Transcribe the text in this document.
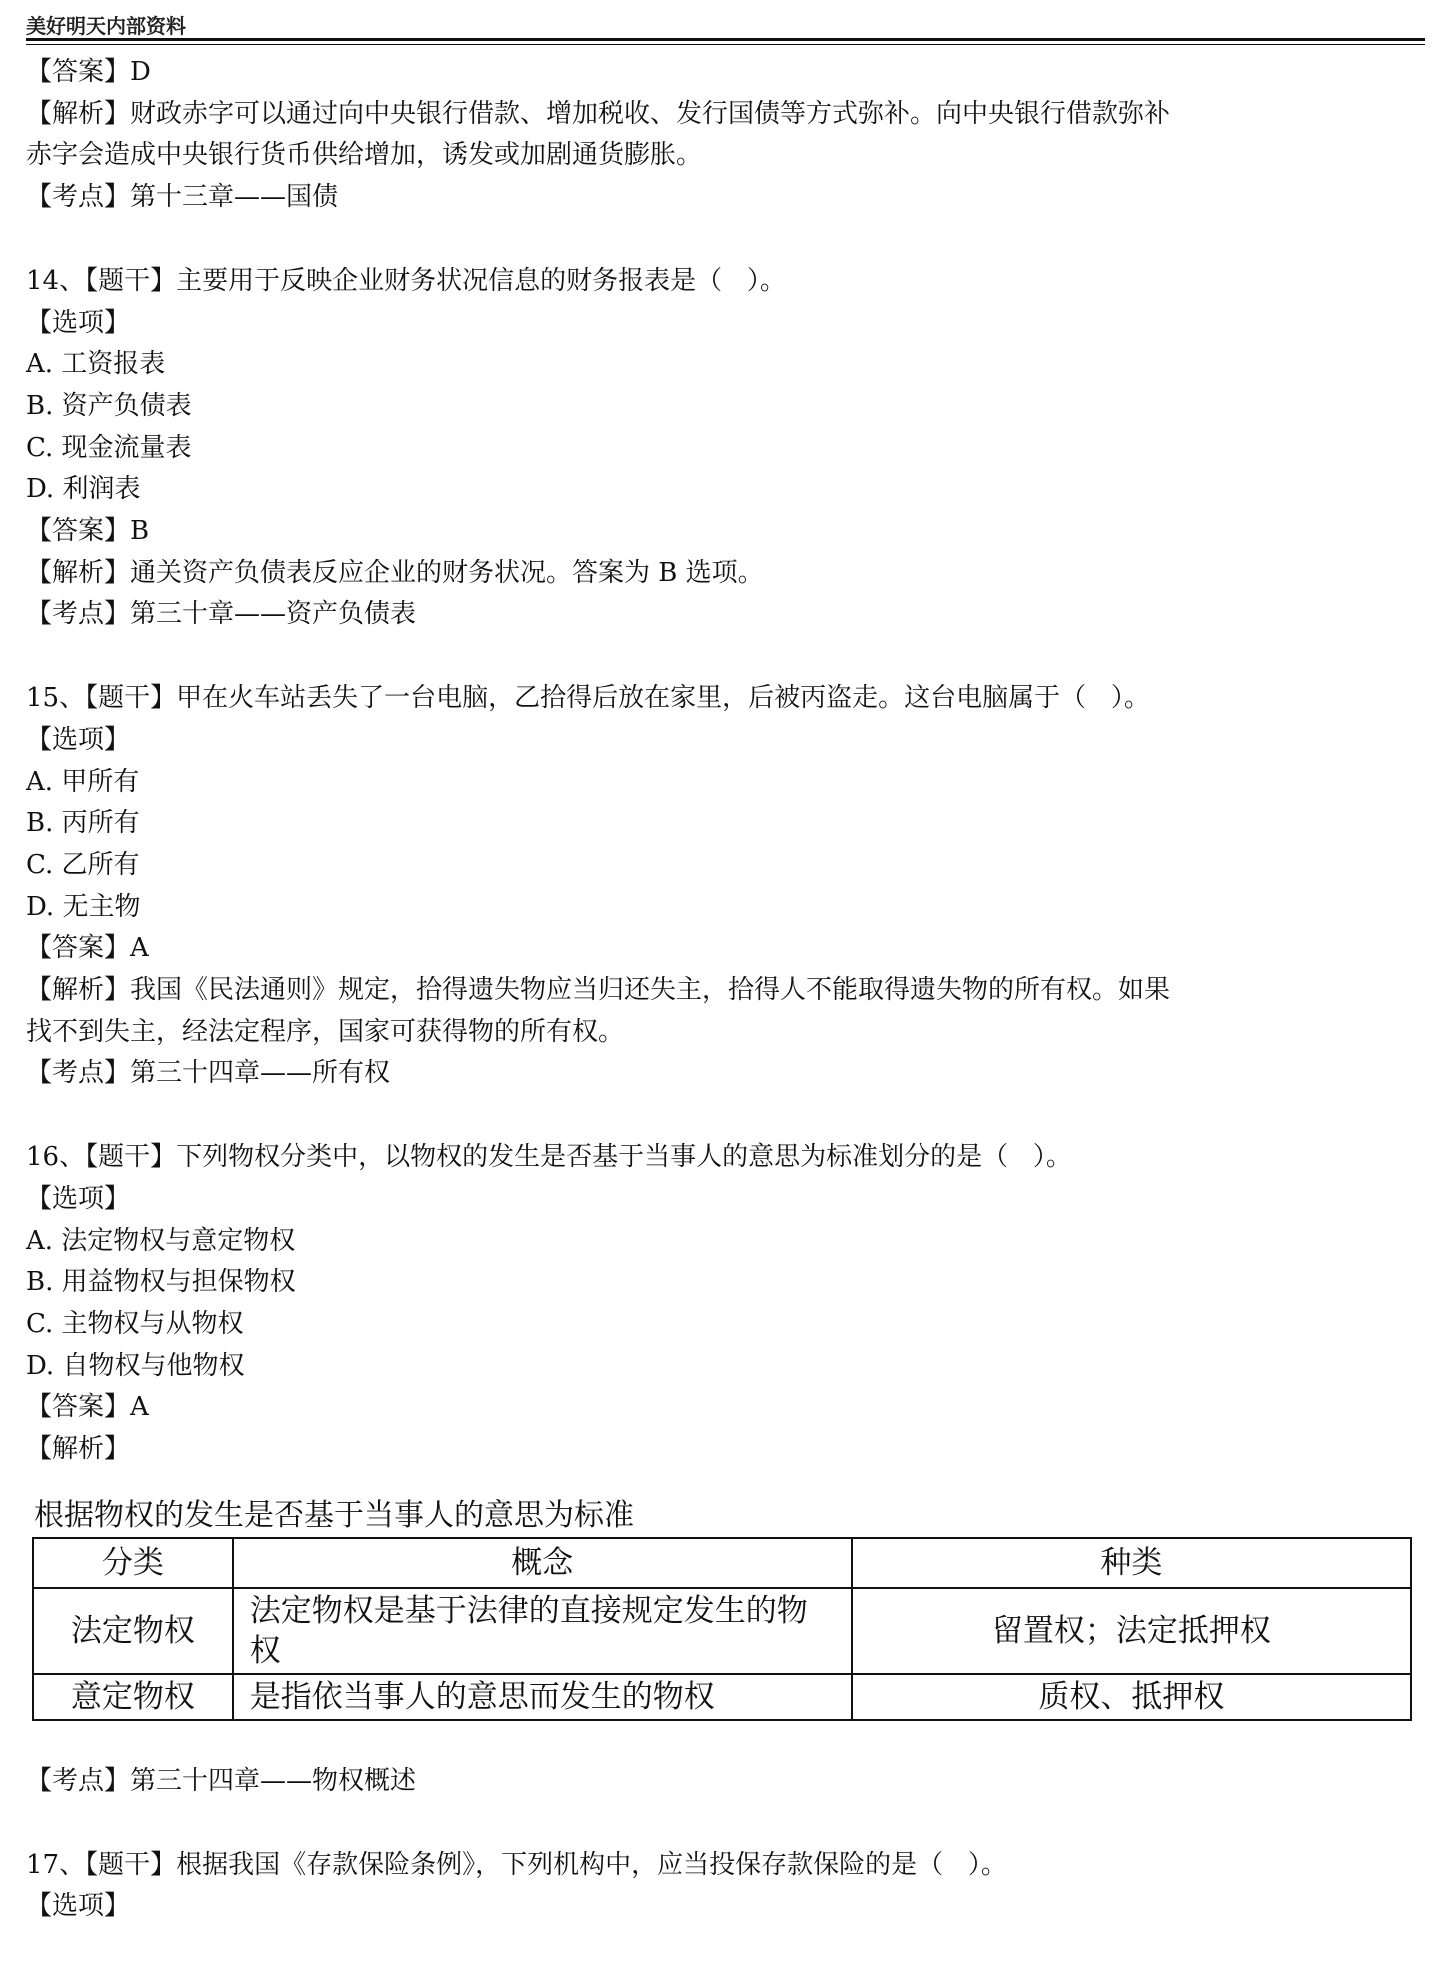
美好明天内部资料
【答案】D
【解析】财政赤字可以通过向中央银行借款、增加税收、发行国债等方式弥补。向中央银行借款弥补
赤字会造成中央银行货币供给增加，诱发或加剧通货膨胀。
【考点】第十三章——国债
14、【题干】主要用于反映企业财务状况信息的财务报表是（   ）。
【选项】
A. 工资报表
B. 资产负债表
C. 现金流量表
D. 利润表
【答案】B
【解析】通关资产负债表反应企业的财务状况。答案为 B 选项。
【考点】第三十章——资产负债表
15、【题干】甲在火车站丢失了一台电脑，乙拾得后放在家里，后被丙盗走。这台电脑属于（   ）。
【选项】
A. 甲所有
B. 丙所有
C. 乙所有
D. 无主物
【答案】A
【解析】我国《民法通则》规定，拾得遗失物应当归还失主，拾得人不能取得遗失物的所有权。如果
找不到失主，经法定程序，国家可获得物的所有权。
【考点】第三十四章——所有权
16、【题干】下列物权分类中，以物权的发生是否基于当事人的意思为标准划分的是（   ）。
【选项】
A. 法定物权与意定物权
B. 用益物权与担保物权
C. 主物权与从物权
D. 自物权与他物权
【答案】A
【解析】
根据物权的发生是否基于当事人的意思为标准
分类	概念	种类
法定物权	法定物权是基于法律的直接规定发生的物权	留置权；法定抵押权
意定物权	是指依当事人的意思而发生的物权	质权、抵押权
【考点】第三十四章——物权概述
17、【题干】根据我国《存款保险条例》，下列机构中，应当投保存款保险的是（   ）。
【选项】
